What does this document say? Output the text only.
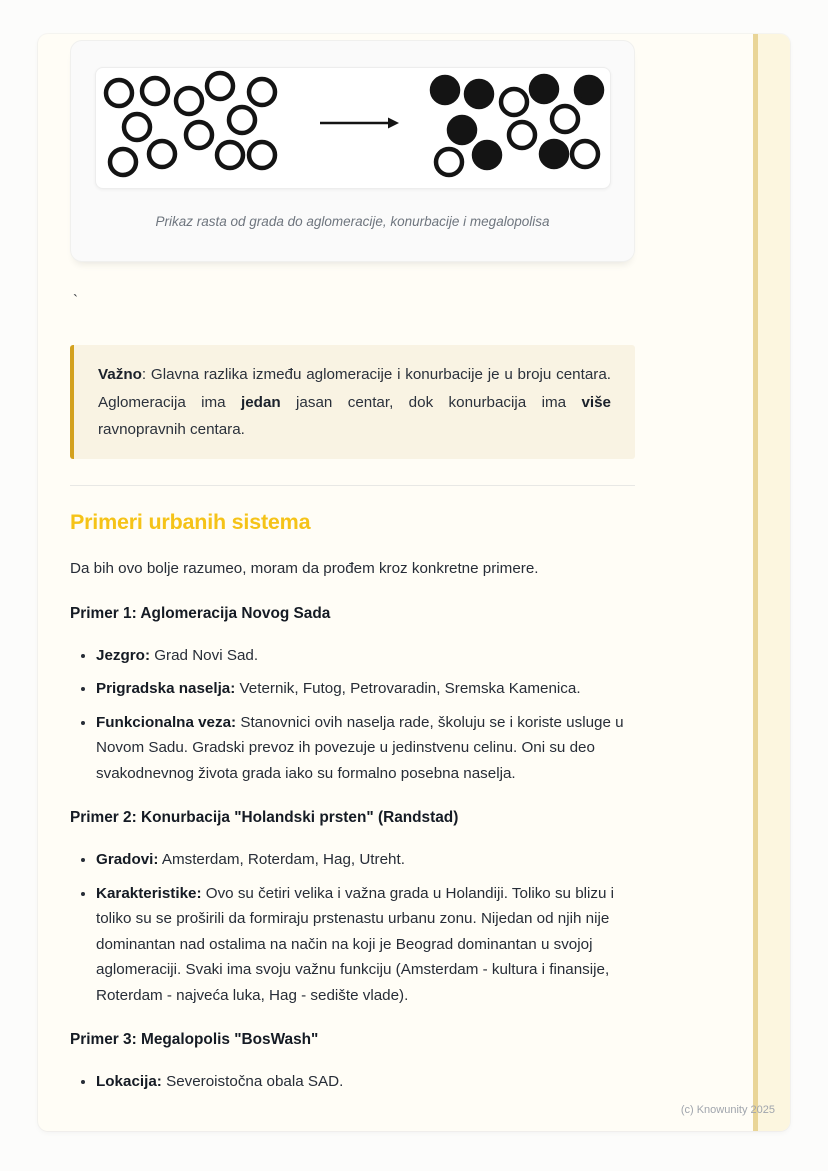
Prikaz rasta od grada do aglomeracije, konurbacije i megalopolisa

`

Važno: Glavna razlika između aglomeracije i konurbacije je u broju centara. Aglomeracija ima jedan jasan centar, dok konurbacija ima više ravnopravnih centara.

Primeri urbanih sistema

Da bih ovo bolje razumeo, moram da prođem kroz konkretne primere.

Primer 1: Aglomeracija Novog Sada

• Jezgro: Grad Novi Sad.
• Prigradska naselja: Veternik, Futog, Petrovaradin, Sremska Kamenica.
• Funkcionalna veza: Stanovnici ovih naselja rade, školuju se i koriste usluge u Novom Sadu. Gradski prevoz ih povezuje u jedinstvenu celinu. Oni su deo svakodnevnog života grada iako su formalno posebna naselja.

Primer 2: Konurbacija "Holandski prsten" (Randstad)

• Gradovi: Amsterdam, Roterdam, Hag, Utreht.
• Karakteristike: Ovo su četiri velika i važna grada u Holandiji. Toliko su blizu i toliko su se proširili da formiraju prstenastu urbanu zonu. Nijedan od njih nije dominantan nad ostalima na način na koji je Beograd dominantan u svojoj aglomeraciji. Svaki ima svoju važnu funkciju (Amsterdam - kultura i finansije, Roterdam - najveća luka, Hag - sedište vlade).

Primer 3: Megalopolis "BosWash"

• Lokacija: Severoistočna obala SAD.
(c) Knowunity 2025
